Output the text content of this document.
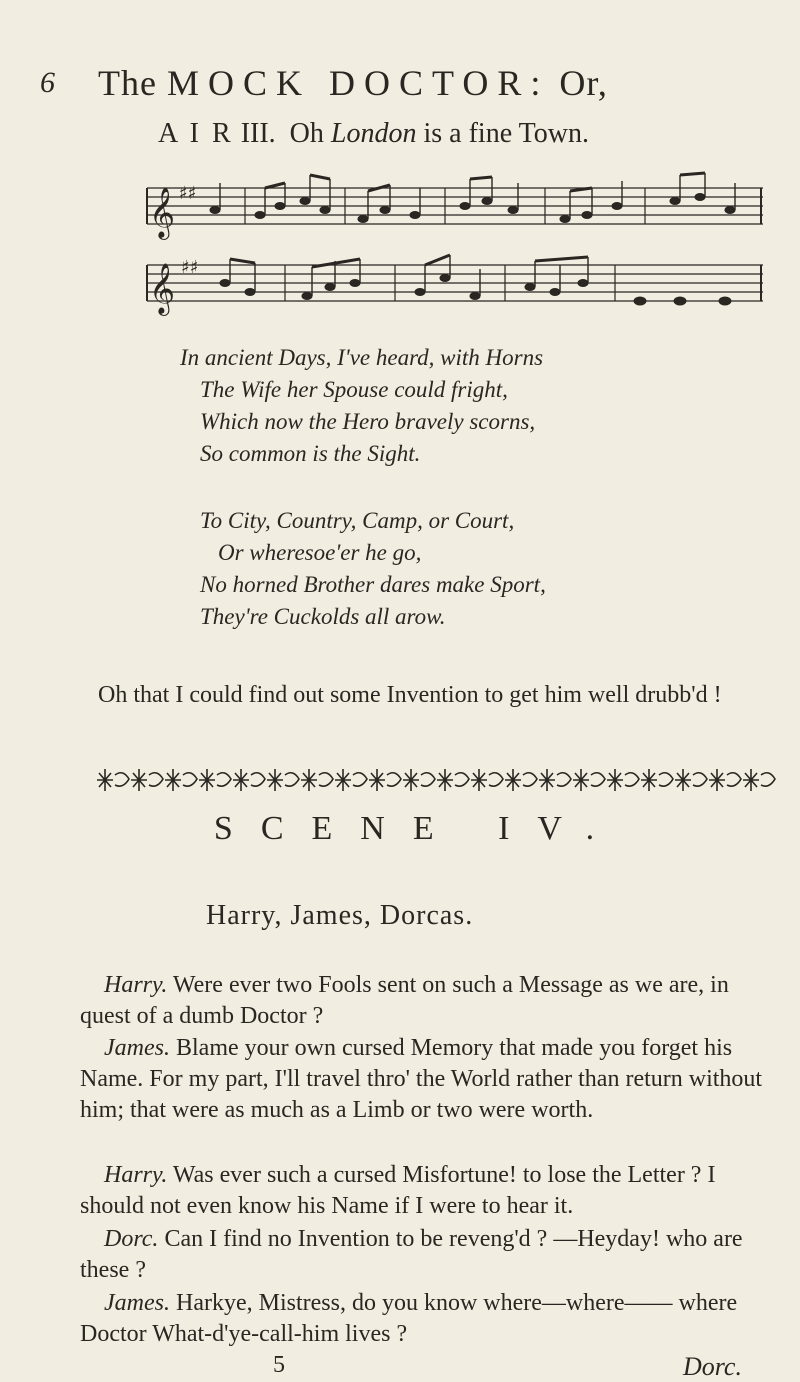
6 The MOCK DOCTOR: Or,
A I R III. Oh London is a fine Town.
𝄞 ♯♯
𝄞 ♯♯
In ancient Days, I've heard, with Horns
The Wife her Spouse could fright,
Which now the Hero bravely scorns,
So common is the Sight.
To City, Country, Camp, or Court,
Or wheresoe'er he go,
No horned Brother dares make Sport,
They're Cuckolds all arow.
Oh that I could find out some Invention to get him well drubb'd !
SCENE IV.
Harry, James, Dorcas.
Harry. Were ever two Fools sent on such a Message as we are, in quest of a dumb Doctor ?
James. Blame your own cursed Memory that made you forget his Name. For my part, I'll travel thro' the World rather than return without him; that were as much as a Limb or two were worth.
Harry. Was ever such a cursed Misfortune! to lose the Letter ? I should not even know his Name if I were to hear it.
Dorc. Can I find no Invention to be reveng'd ? —Heyday! who are these ?
James. Harkye, Mistress, do you know where—where—— where Doctor What-d'ye-call-him lives ?
5	Dorc.
